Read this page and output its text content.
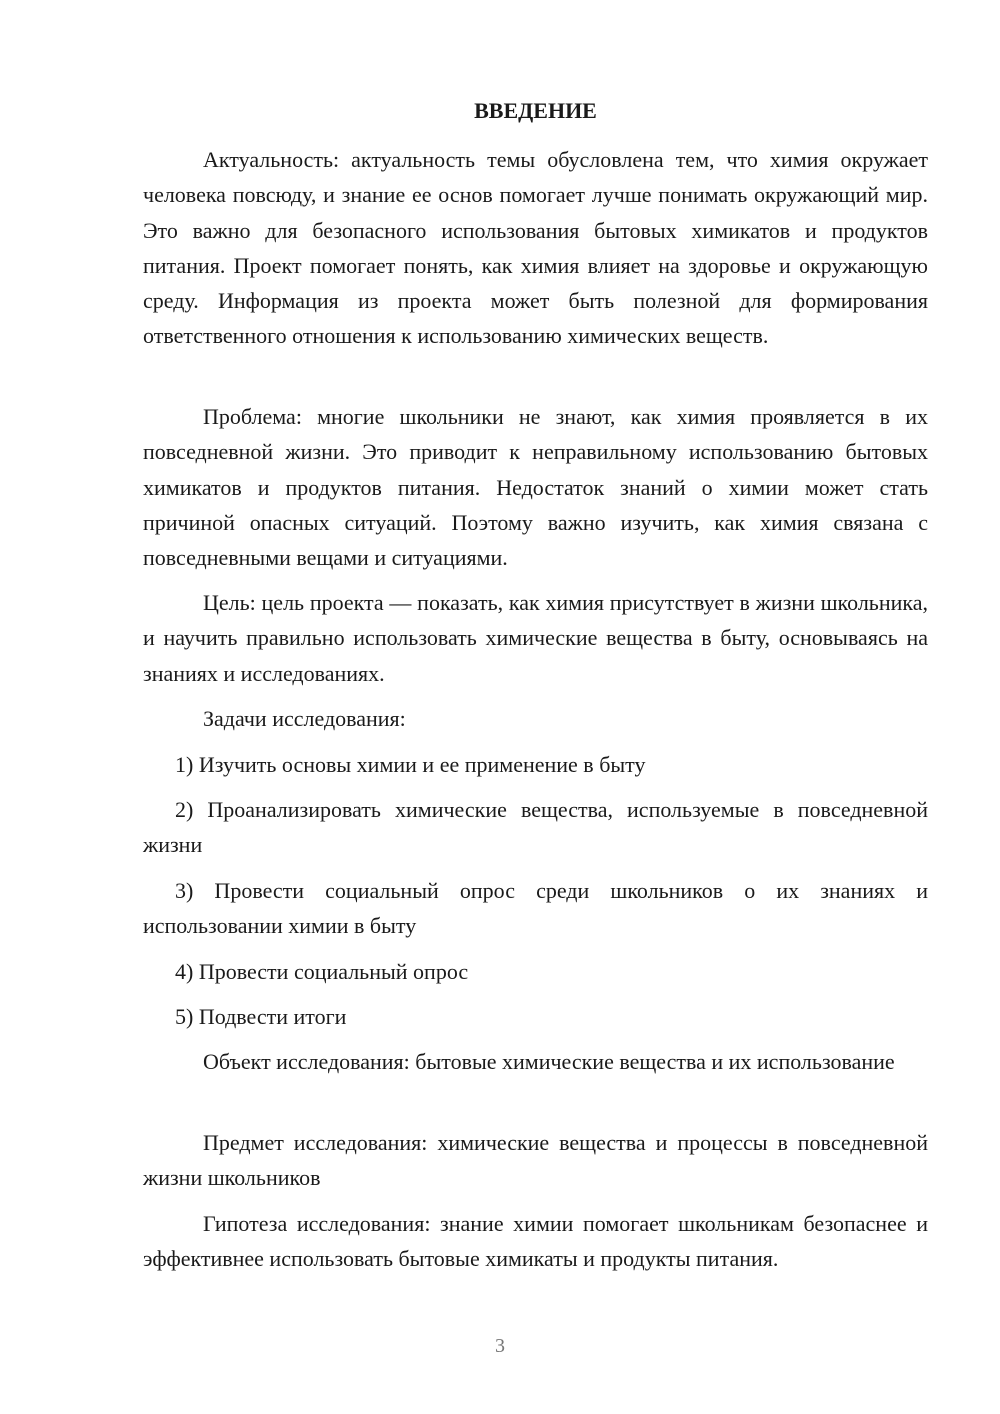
ВВЕДЕНИЕ

Актуальность: актуальность темы обусловлена тем, что химия окружает человека повсюду, и знание ее основ помогает лучше понимать окружающий мир. Это важно для безопасного использования бытовых химикатов и продуктов питания. Проект помогает понять, как химия влияет на здоровье и окружающую среду. Информация из проекта может быть полезной для формирования ответственного отношения к использованию химических веществ.

Проблема: многие школьники не знают, как химия проявляется в их повседневной жизни. Это приводит к неправильному использованию бытовых химикатов и продуктов питания. Недостаток знаний о химии может стать причиной опасных ситуаций. Поэтому важно изучить, как химия связана с повседневными вещами и ситуациями.

Цель: цель проекта — показать, как химия присутствует в жизни школьника, и научить правильно использовать химические вещества в быту, основываясь на знаниях и исследованиях.

Задачи исследования:

1) Изучить основы химии и ее применение в быту

2) Проанализировать химические вещества, используемые в повседневной жизни

3) Провести социальный опрос среди школьников о их знаниях и использовании химии в быту

4) Провести социальный опрос

5) Подвести итоги

Объект исследования: бытовые химические вещества и их использование

Предмет исследования: химические вещества и процессы в повседневной жизни школьников

Гипотеза исследования: знание химии помогает школьникам безопаснее и эффективнее использовать бытовые химикаты и продукты питания.

3
